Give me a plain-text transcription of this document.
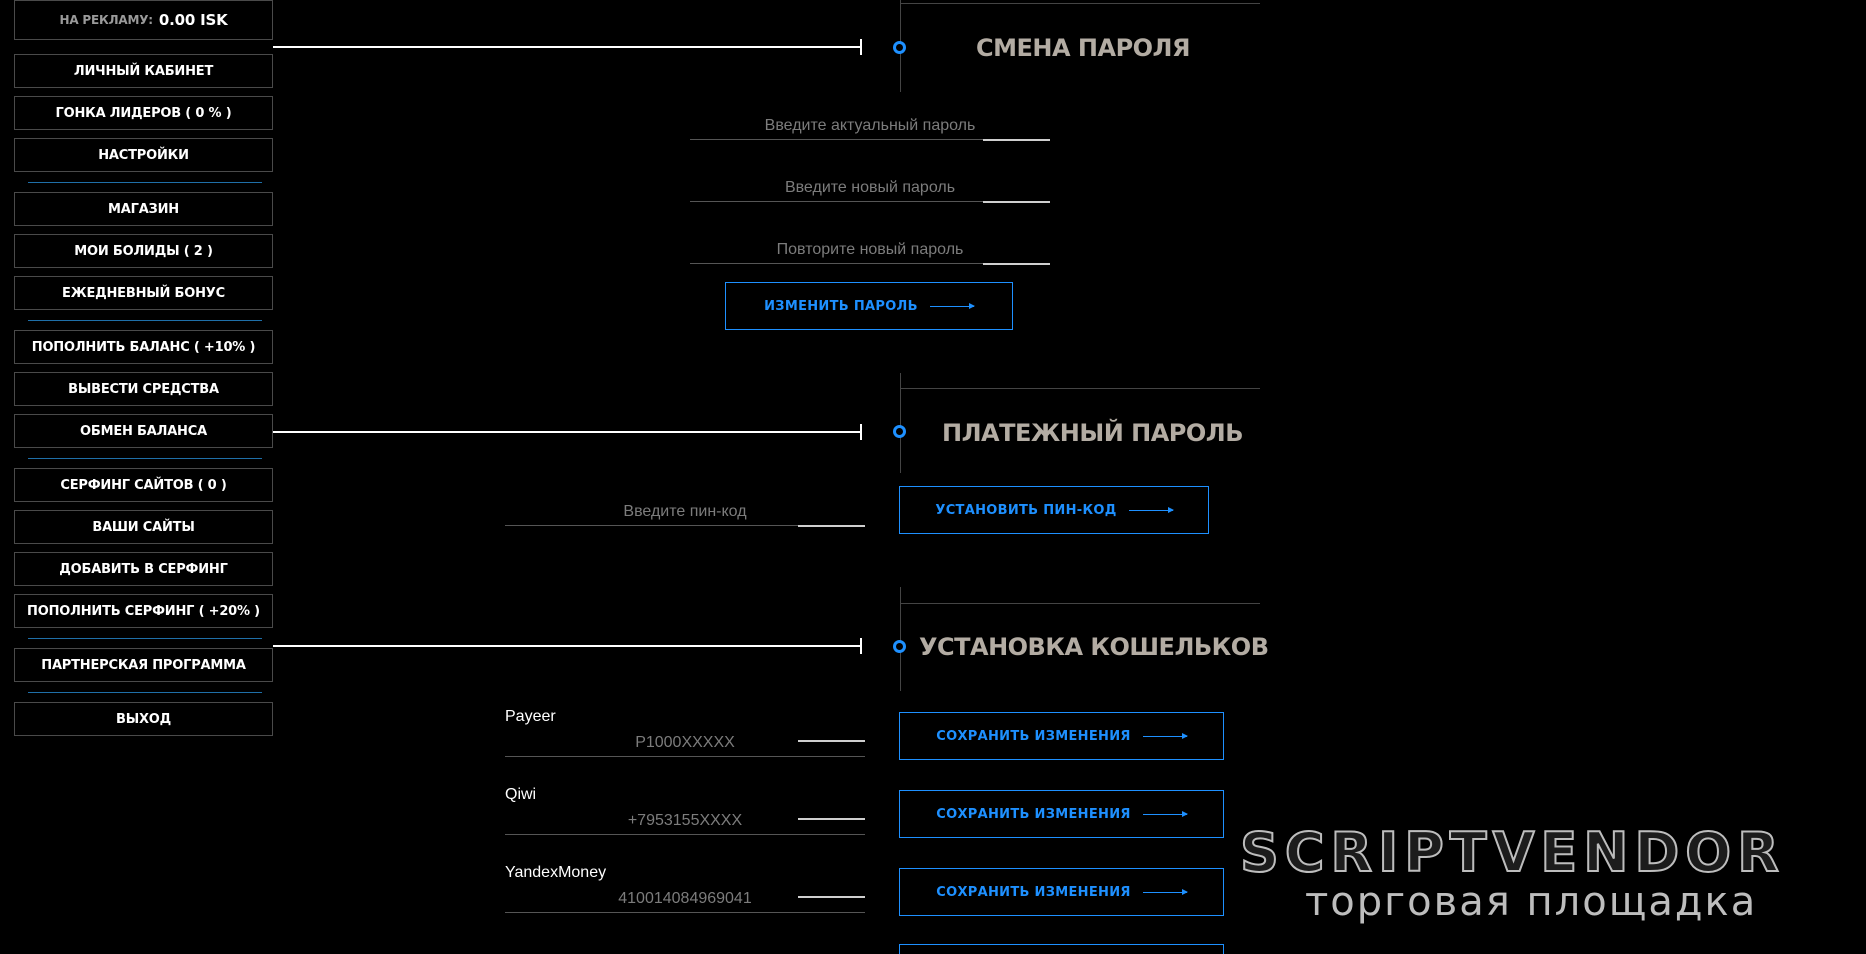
НА РЕКЛАМУ: 0.00 ISK
ЛИЧНЫЙ КАБИНЕТ
ГОНКА ЛИДЕРОВ ( 0 % )
НАСТРОЙКИ
МАГАЗИН
МОИ БОЛИДЫ ( 2 )
ЕЖЕДНЕВНЫЙ БОНУС
ПОПОЛНИТЬ БАЛАНС ( +10% )
ВЫВЕСТИ СРЕДСТВА
ОБМЕН БАЛАНСА
СЕРФИНГ САЙТОВ ( 0 )
ВАШИ САЙТЫ
ДОБАВИТЬ В СЕРФИНГ
ПОПОЛНИТЬ СЕРФИНГ ( +20% )
ПАРТНЕРСКАЯ ПРОГРАММА
ВЫХОД
СМЕНА ПАРОЛЯ
Введите актуальный пароль
Введите новый пароль
Повторите новый пароль
ИЗМЕНИТЬ ПАРОЛЬ
ПЛАТЕЖНЫЙ ПАРОЛЬ
Введите пин-код
УСТАНОВИТЬ ПИН-КОД
УСТАНОВКА КОШЕЛЬКОВ
Payeer
P1000XXXXX
СОХРАНИТЬ ИЗМЕНЕНИЯ
Qiwi
+7953155XXXX
СОХРАНИТЬ ИЗМЕНЕНИЯ
YandexMoney
410014084969041
СОХРАНИТЬ ИЗМЕНЕНИЯ
SCRIPTVENDOR
торговая площадка
